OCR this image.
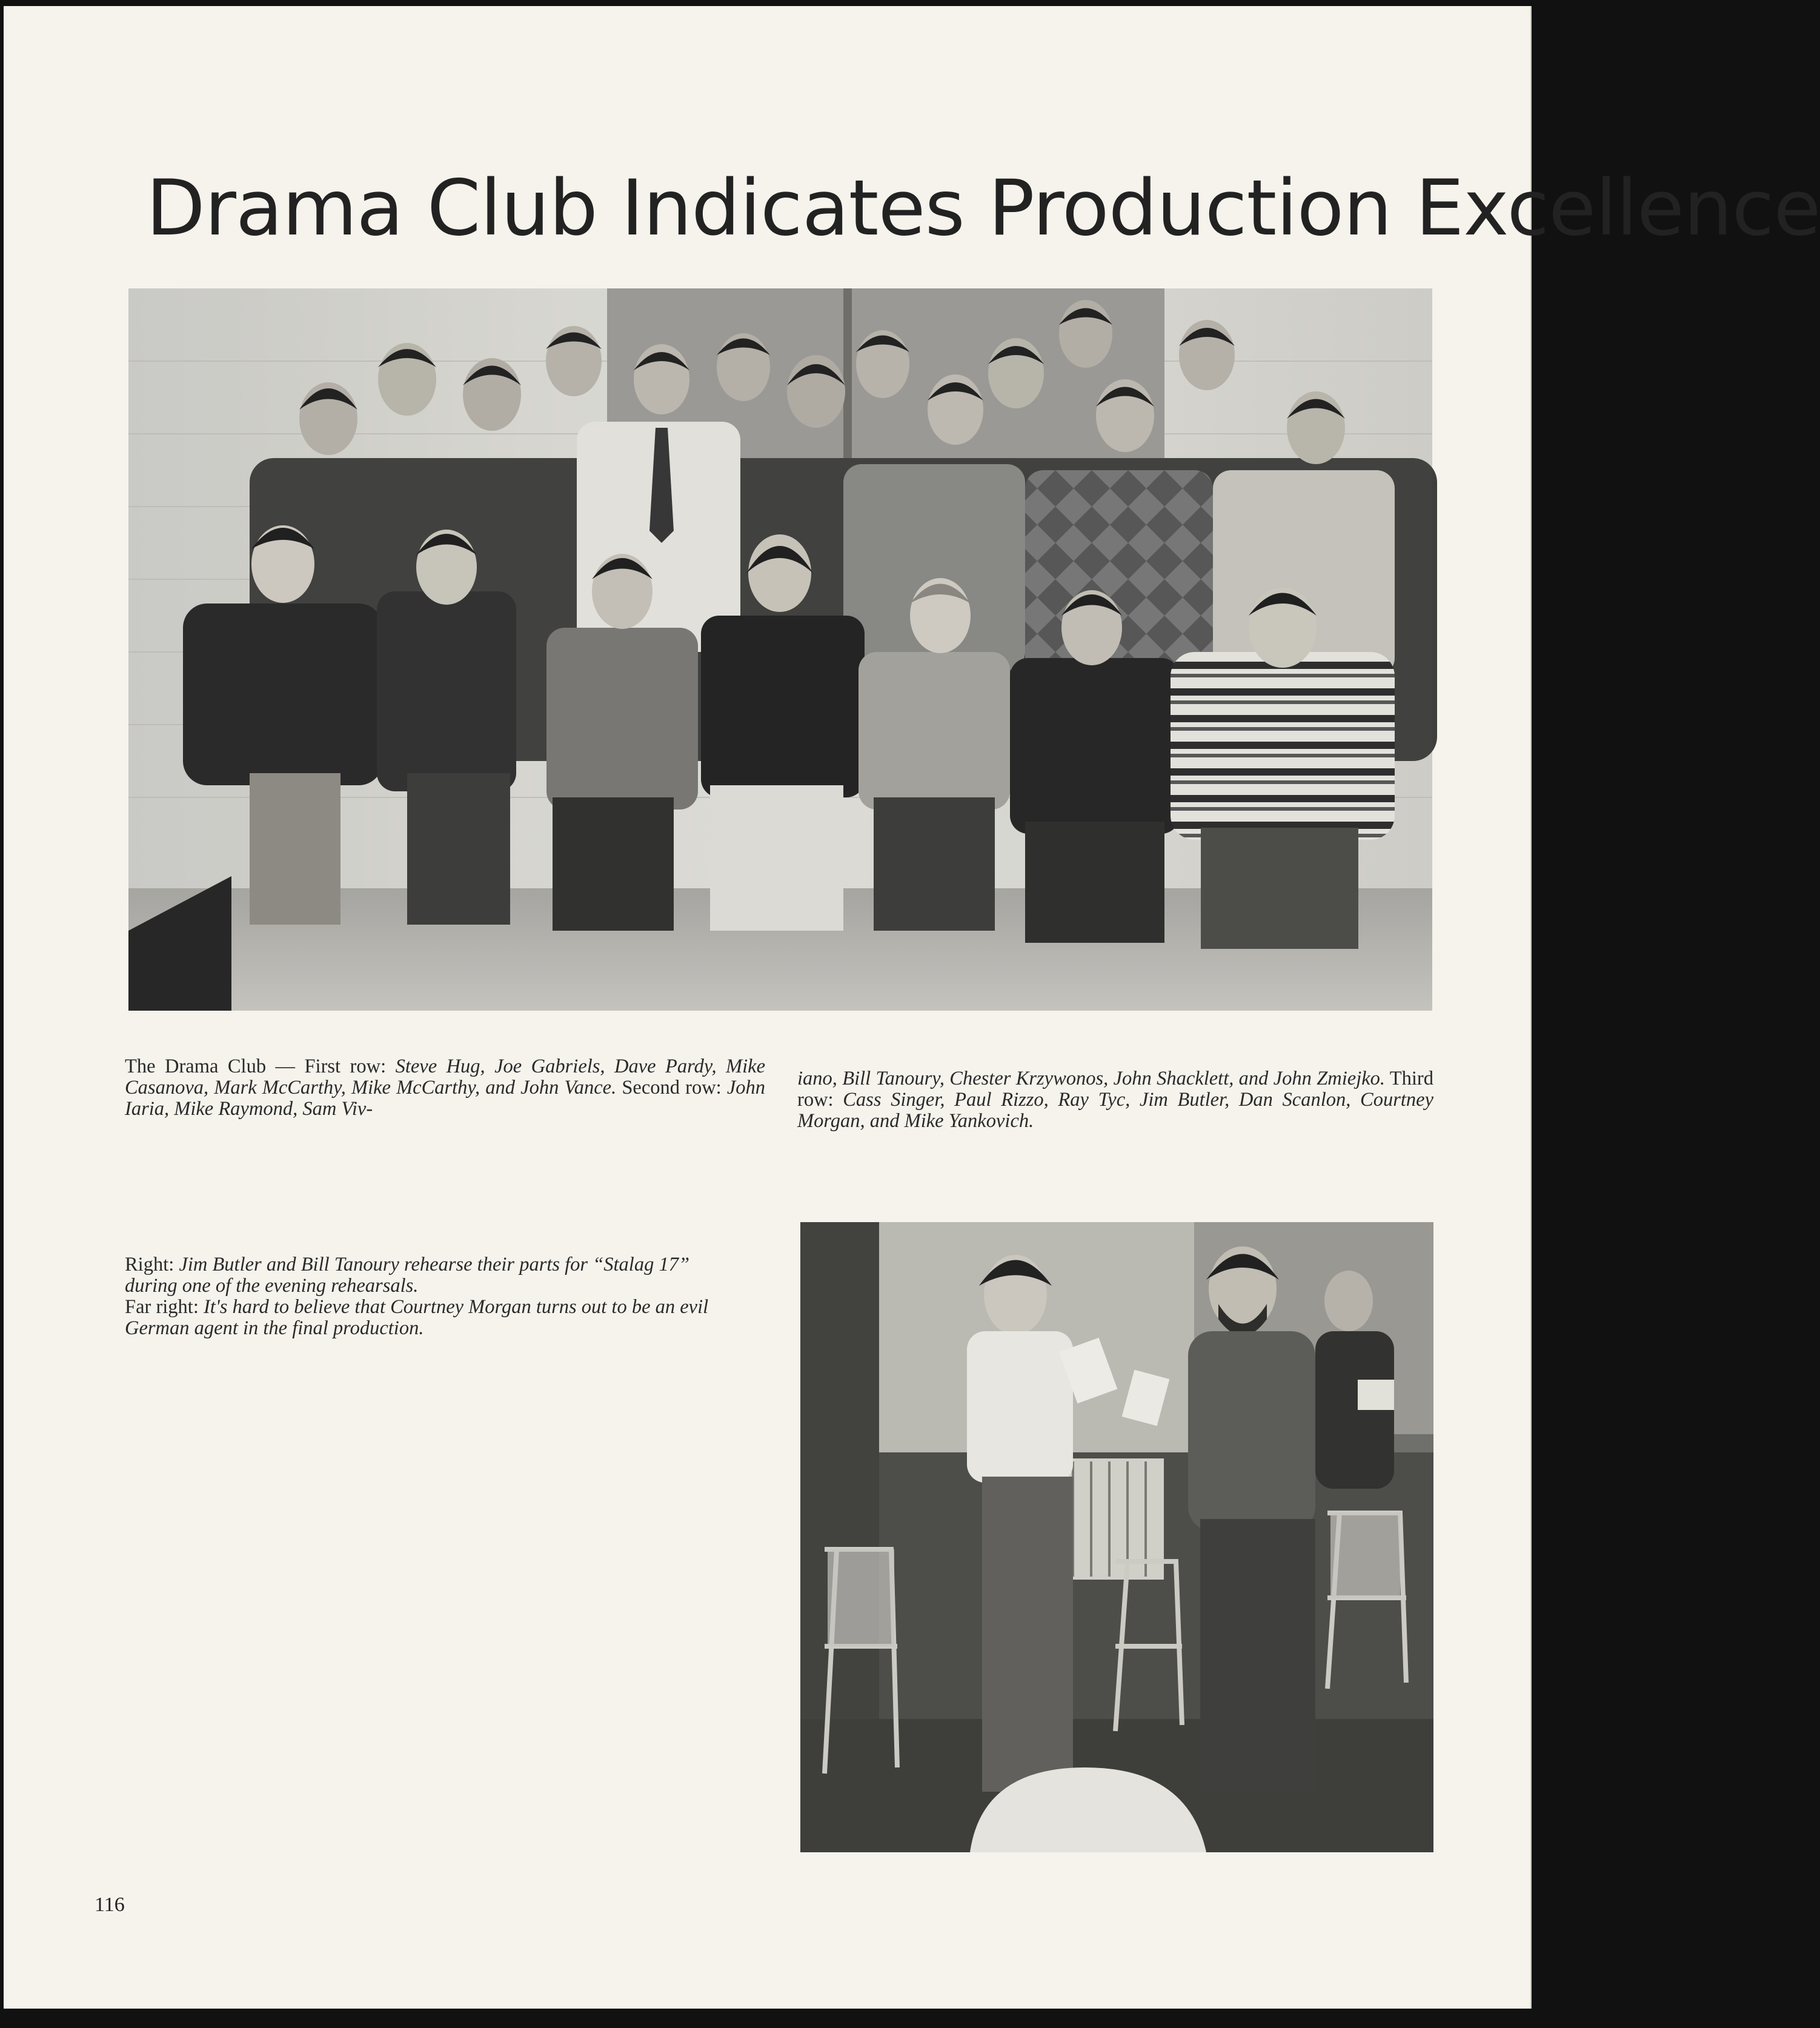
Drama Club Indicates Production Excellence

The Drama Club — First row: Steve Hug, Joe Gabriels, Dave Pardy, Mike Casanova, Mark McCarthy, Mike McCarthy, and John Vance. Second row: John Iaria, Mike Raymond, Sam Viv-

iano, Bill Tanoury, Chester Krzywonos, John Shacklett, and John Zmiejko. Third row: Cass Singer, Paul Rizzo, Ray Tyc, Jim Butler, Dan Scanlon, Courtney Morgan, and Mike Yankovich.

Right: Jim Butler and Bill Tanoury rehearse their parts for “Stalag 17” during one of the evening rehearsals.
Far right: It's hard to believe that Courtney Morgan turns out to be an evil German agent in the final production.

116
